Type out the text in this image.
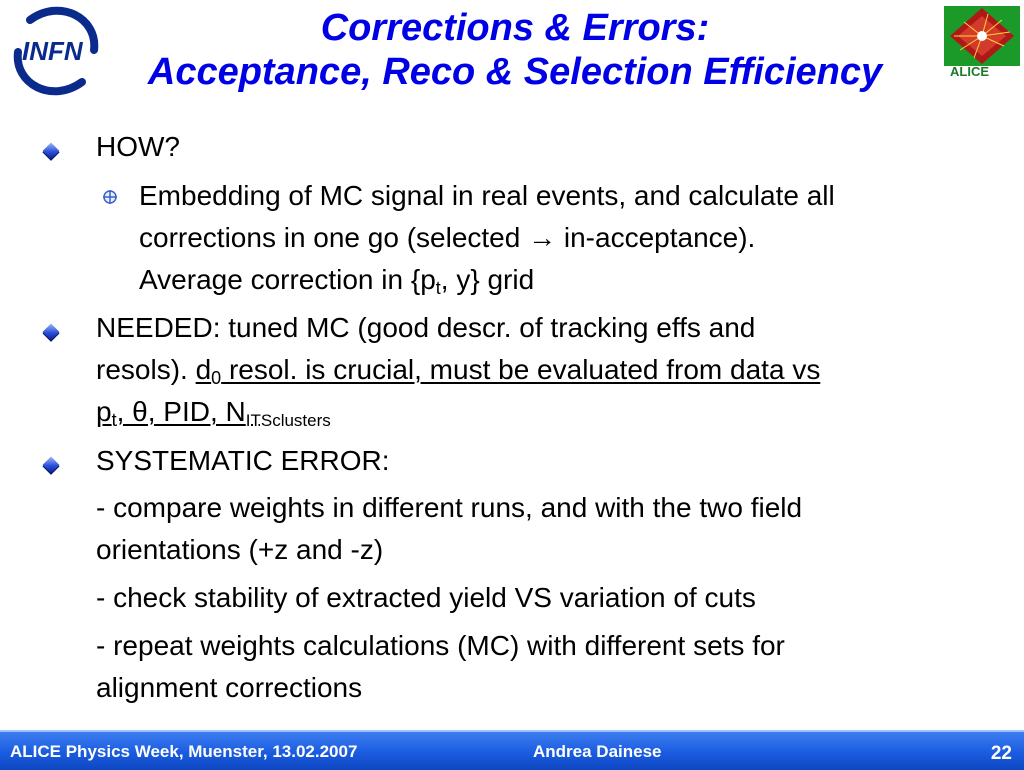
INFN
ALICE
Corrections & Errors:
Acceptance, Reco & Selection Efficiency
HOW?
Embedding of MC signal in real events, and calculate all
corrections in one go (selected → in-acceptance).
Average correction in {$p_t$, y} grid
NEEDED: tuned MC (good descr. of tracking effs and
resols). $d_0$ resol. is crucial, must be evaluated from data vs
$p_t$, θ, PID, $N_{ITSclusters}$
SYSTEMATIC ERROR:
- compare weights in different runs, and with the two field
orientations (+z and -z)
- check stability of extracted yield VS variation of cuts
- repeat weights calculations (MC) with different sets for
alignment corrections
ALICE Physics Week, Muenster, 13.02.2007	Andrea Dainese	22
